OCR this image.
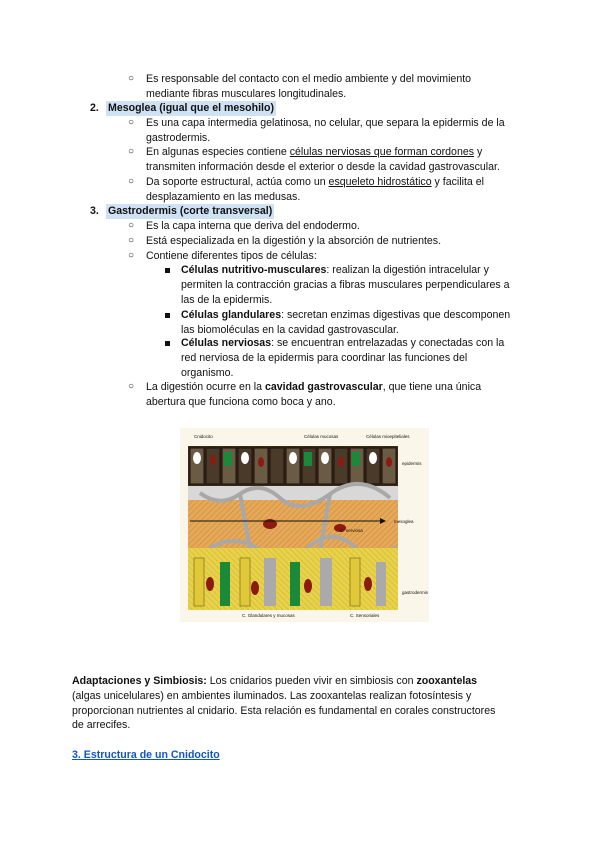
○ Es responsable del contacto con el medio ambiente y del movimiento
mediante fibras musculares longitudinales.
2. Mesoglea (igual que el mesohilo)
○ Es una capa intermedia gelatinosa, no celular, que separa la epidermis de la
gastrodermis.
○ En algunas especies contiene células nerviosas que forman cordones y
transmiten información desde el exterior o desde la cavidad gastrovascular.
○ Da soporte estructural, actúa como un esqueleto hidrostático y facilita el
desplazamiento en las medusas.
3. Gastrodermis (corte transversal)
○ Es la capa interna que deriva del endodermo.
○ Está especializada en la digestión y la absorción de nutrientes.
○ Contiene diferentes tipos de células:
Células nutritivo-musculares: realizan la digestión intracelular y
permiten la contracción gracias a fibras musculares perpendiculares a
las de la epidermis.
Células glandulares: secretan enzimas digestivas que descomponen
las biomoléculas en la cavidad gastrovascular.
Células nerviosas: se encuentran entrelazadas y conectadas con la
red nerviosa de la epidermis para coordinar las funciones del
organismo.
○ La digestión ocurre en la cavidad gastrovascular, que tiene una única
abertura que funciona como boca y ano.
Cnidocito	Células mucosas	Células mioepiteliales
epidermis
C. nerviosa
mesoglea
gastrodermis
C. Glandulares y mucosas	C. Sensoriales
Adaptaciones y Simbiosis: Los cnidarios pueden vivir en simbiosis con zooxantelas
(algas unicelulares) en ambientes iluminados. Las zooxantelas realizan fotosíntesis y
proporcionan nutrientes al cnidario. Esta relación es fundamental en corales constructores
de arrecifes.
3. Estructura de un Cnidocito
